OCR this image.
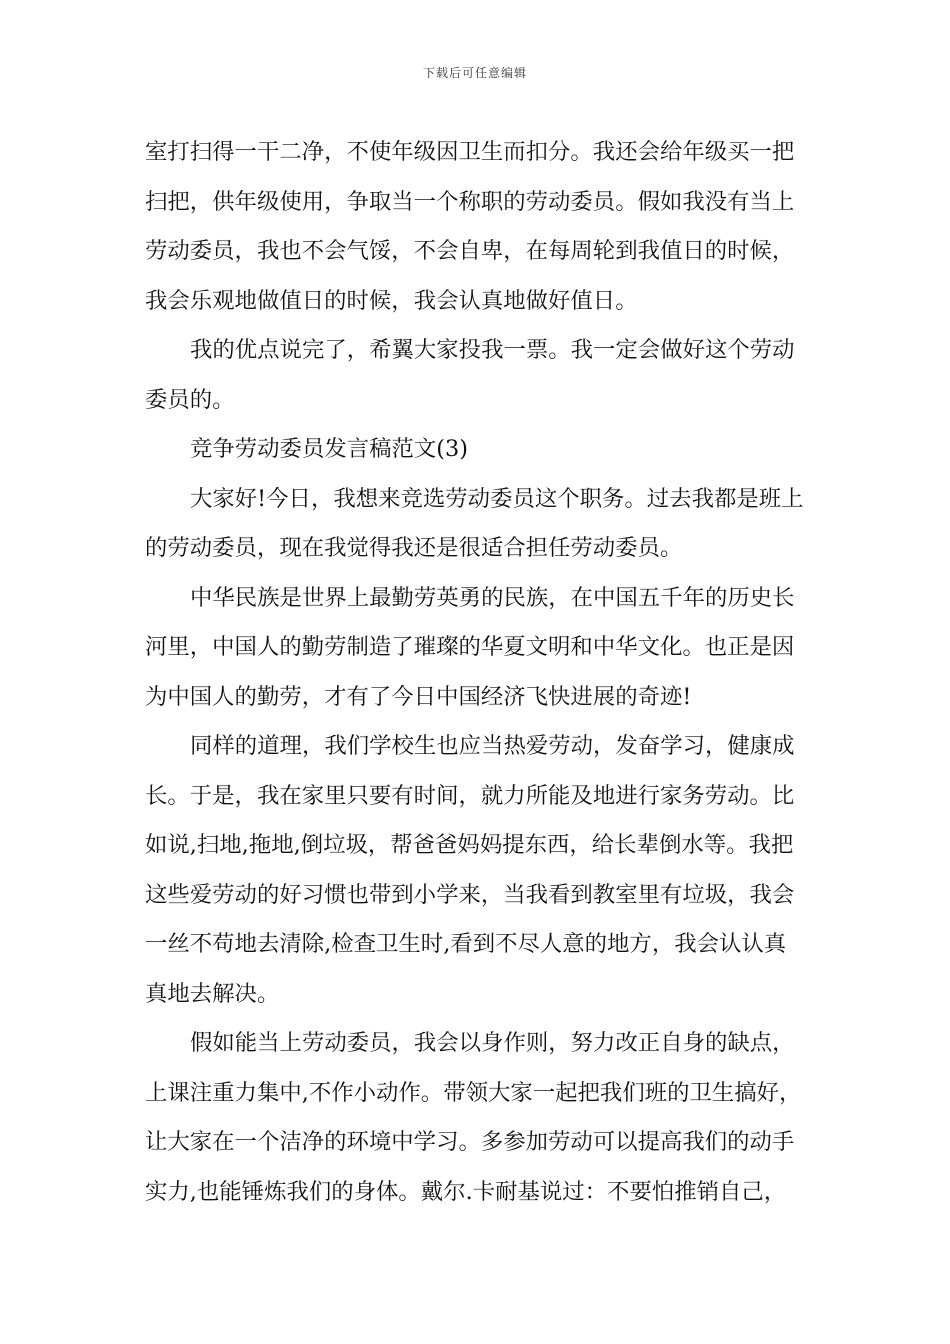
下载后可任意编辑
室打扫得一干二净，不使年级因卫生而扣分。我还会给年级买一把
扫把，供年级使用，争取当一个称职的劳动委员。假如我没有当上
劳动委员，我也不会气馁，不会自卑，在每周轮到我值日的时候，
我会乐观地做值日的时候，我会认真地做好值日。
我的优点说完了，希翼大家投我一票。我一定会做好这个劳动
委员的。
竞争劳动委员发言稿范文(3)
大家好!今日，我想来竞选劳动委员这个职务。过去我都是班上
的劳动委员，现在我觉得我还是很适合担任劳动委员。
中华民族是世界上最勤劳英勇的民族，在中国五千年的历史长
河里，中国人的勤劳制造了璀璨的华夏文明和中华文化。也正是因
为中国人的勤劳，才有了今日中国经济飞快进展的奇迹!
同样的道理，我们学校生也应当热爱劳动，发奋学习，健康成
长。于是，我在家里只要有时间，就力所能及地进行家务劳动。比
如说,扫地,拖地,倒垃圾，帮爸爸妈妈提东西，给长辈倒水等。我把
这些爱劳动的好习惯也带到小学来，当我看到教室里有垃圾，我会
一丝不苟地去清除,检查卫生时,看到不尽人意的地方，我会认认真
真地去解决。
假如能当上劳动委员，我会以身作则，努力改正自身的缺点，
上课注重力集中,不作小动作。带领大家一起把我们班的卫生搞好，
让大家在一个洁净的环境中学习。多参加劳动可以提高我们的动手
实力,也能锤炼我们的身体。戴尔.卡耐基说过：不要怕推销自己，
